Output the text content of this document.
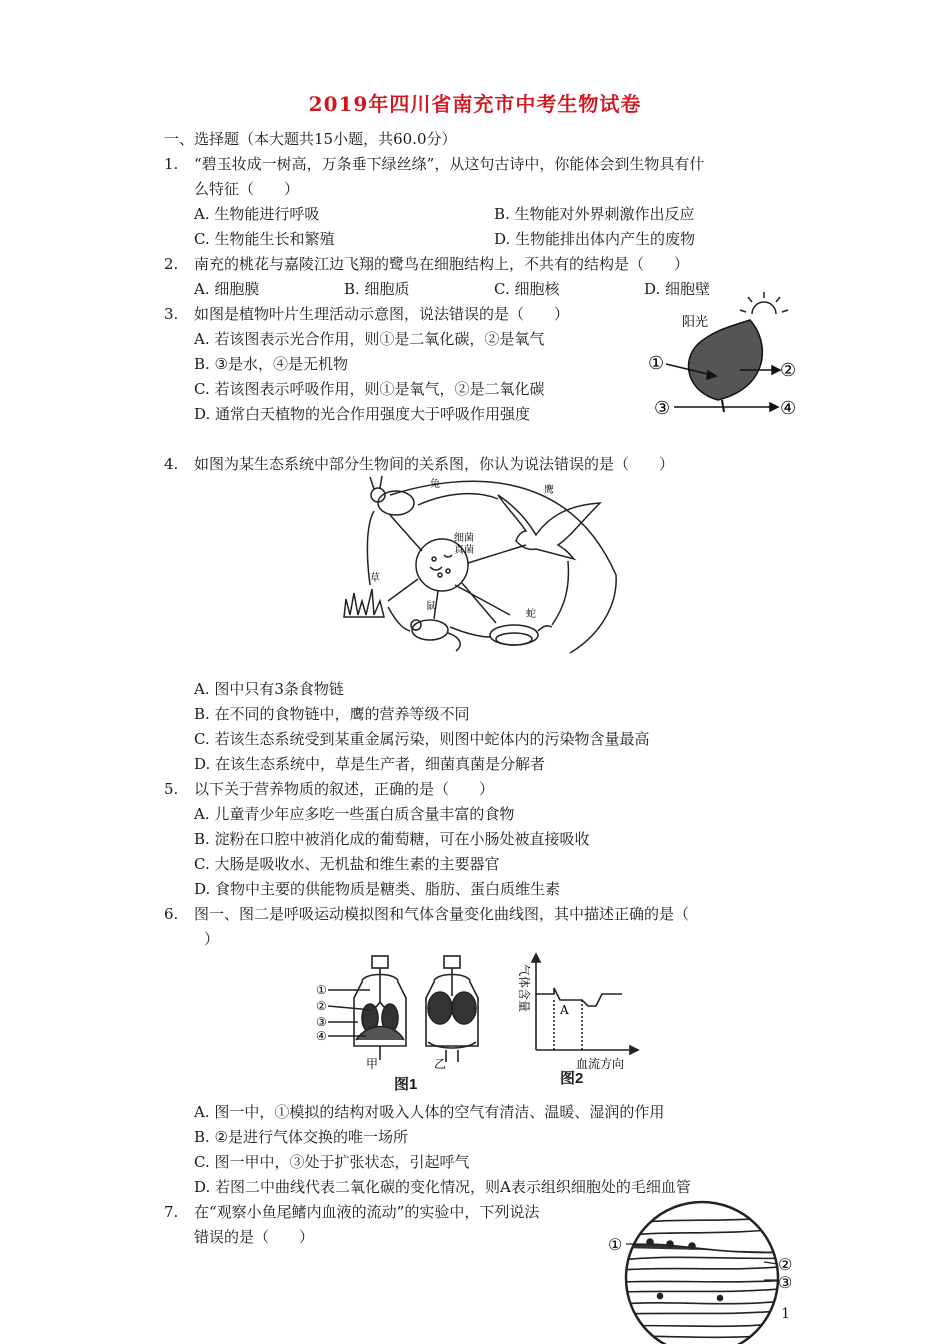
2019年四川省南充市中考生物试卷
一、选择题（本大题共15小题，共60.0分）
1. “碧玉妆成一树高，万条垂下绿丝绦”，从这句古诗中，你能体会到生物具有什
么特征（　　）
A. 生物能进行呼吸	B. 生物能对外界刺激作出反应
C. 生物能生长和繁殖	D. 生物能排出体内产生的废物
2. 南充的桃花与嘉陵江边飞翔的鹭鸟在细胞结构上，不共有的结构是（　　）
A. 细胞膜	B. 细胞质	C. 细胞核	D. 细胞壁
3. 如图是植物叶片生理活动示意图，说法错误的是（　　）
A. 若该图表示光合作用，则①是二氧化碳，②是氧气
B. ③是水，④是无机物
C. 若该图表示呼吸作用，则①是氧气，②是二氧化碳
D. 通常白天植物的光合作用强度大于呼吸作用强度
阳光
①	②
③	④
4. 如图为某生态系统中部分生物间的关系图，你认为说法错误的是（　　）
兔
鹰
细菌
真菌
草
鼠
蛇
A. 图中只有3条食物链
B. 在不同的食物链中，鹰的营养等级不同
C. 若该生态系统受到某重金属污染，则图中蛇体内的污染物含量最高
D. 在该生态系统中，草是生产者，细菌真菌是分解者
5. 以下关于营养物质的叙述，正确的是（　　）
A. 儿童青少年应多吃一些蛋白质含量丰富的食物
B. 淀粉在口腔中被消化成的葡萄糖，可在小肠处被直接吸收
C. 大肠是吸收水、无机盐和维生素的主要器官
D. 食物中主要的供能物质是糖类、脂肪、蛋白质维生素
6. 图一、图二是呼吸运动模拟图和气体含量变化曲线图，其中描述正确的是（
）
①
②
③
④
甲	乙
A
血流方向
气体含量
图1	图2
A. 图一中，①模拟的结构对吸入人体的空气有清洁、温暖、湿润的作用
B. ②是进行气体交换的唯一场所
C. 图一甲中，③处于扩张状态，引起呼气
D. 若图二中曲线代表二氧化碳的变化情况，则A表示组织细胞处的毛细血管
7. 在“观察小鱼尾鳍内血液的流动”的实验中，下列说法
错误的是（　　）	①
②
③
1
